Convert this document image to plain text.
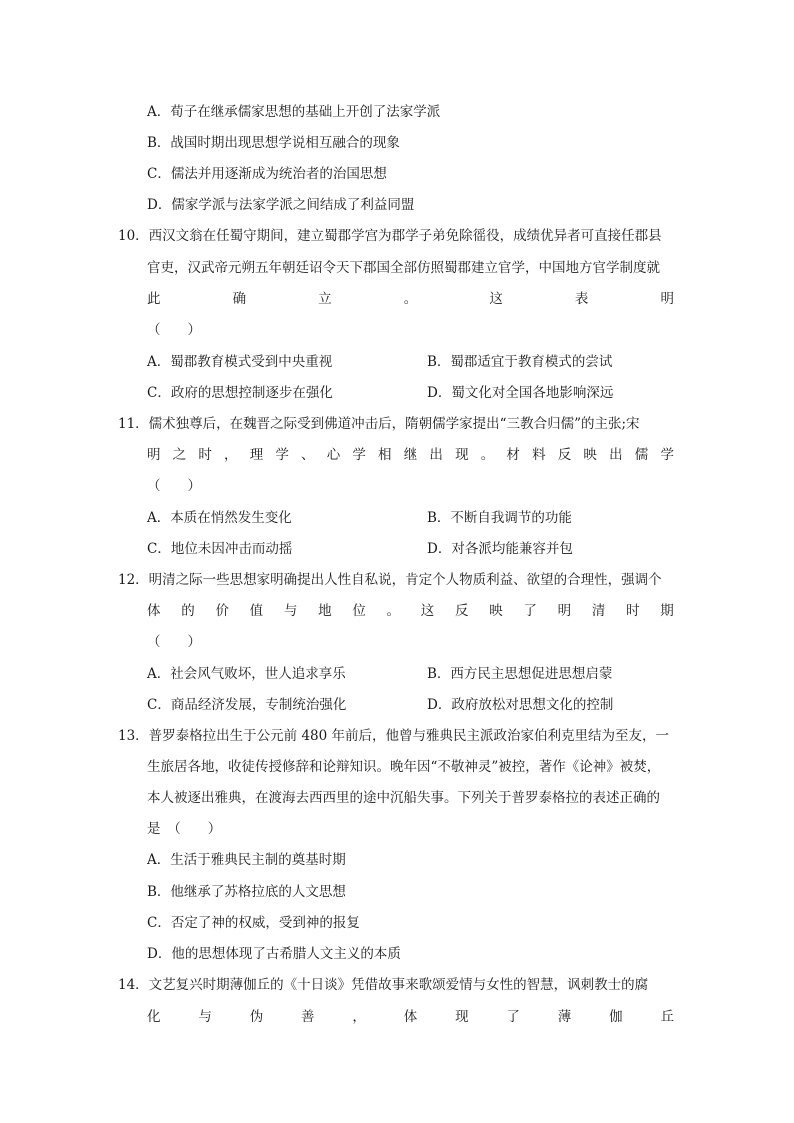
A．荀子在继承儒家思想的基础上开创了法家学派
B．战国时期出现思想学说相互融合的现象
C．儒法并用逐渐成为统治者的治国思想
D．儒家学派与法家学派之间结成了利益同盟
10．西汉文翁在任蜀守期间，建立蜀郡学宫为郡学子弟免除徭役，成绩优异者可直接任郡县
官吏，汉武帝元朔五年朝廷诏令天下郡国全部仿照蜀郡建立官学，中国地方官学制度就
此	确	立	。	这	表	明
（　　）
A．蜀郡教育模式受到中央重视	B．蜀郡适宜于教育模式的尝试
C．政府的思想控制逐步在强化	D．蜀文化对全国各地影响深远
11．儒术独尊后，在魏晋之际受到佛道冲击后，隋朝儒学家提出“三教合归儒”的主张;宋
明 之 时 ， 理 学 、 心 学 相 继 出 现 。 材 料 反 映 出 儒 学
（　　）
A．本质在悄然发生变化	B．不断自我调节的功能
C．地位未因冲击而动摇	D．对各派均能兼容并包
12．明清之际一些思想家明确提出人性自私说，肯定个人物质利益、欲望的合理性，强调个
体 的 价 值 与 地 位 。 这 反 映 了 明 清 时 期
（　　）
A．社会风气败坏，世人追求享乐	B．西方民主思想促进思想启蒙
C．商品经济发展，专制统治强化	D．政府放松对思想文化的控制
13．普罗泰格拉出生于公元前 480 年前后，他曾与雅典民主派政治家伯利克里结为至友，一
生旅居各地，收徒传授修辞和论辩知识。晚年因“不敬神灵”被控，著作《论神》被焚，
本人被逐出雅典，在渡海去西西里的途中沉船失事。下列关于普罗泰格拉的表述正确的
是　（　　）
A．生活于雅典民主制的奠基时期
B．他继承了苏格拉底的人文思想
C．否定了神的权威，受到神的报复
D．他的思想体现了古希腊人文主义的本质
14．文艺复兴时期薄伽丘的《十日谈》凭借故事来歌颂爱情与女性的智慧，讽刺教士的腐
化	与	伪	善	，	体	现	了	薄	伽	丘
